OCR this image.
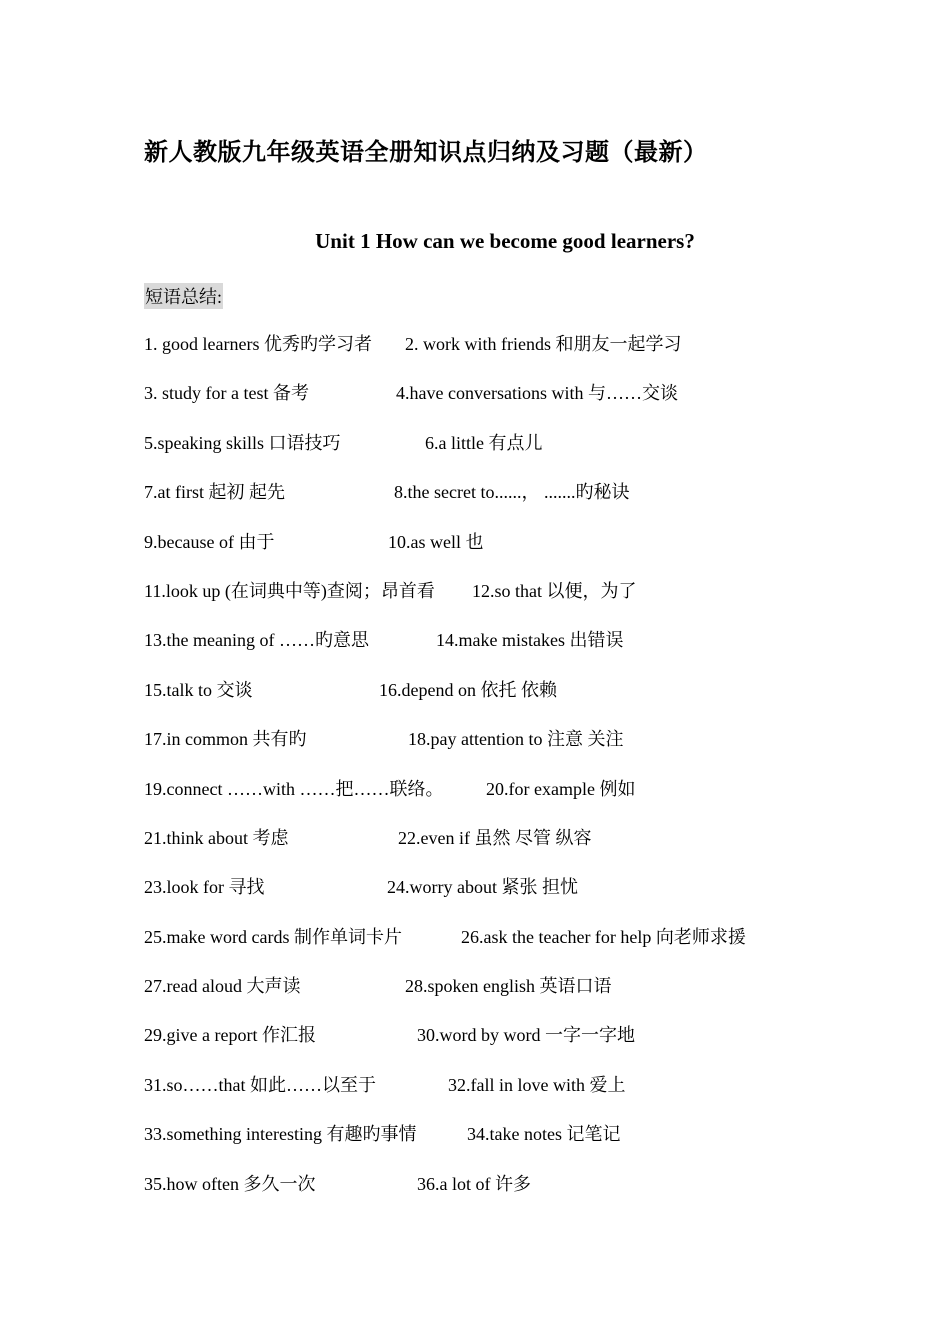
新人教版九年级英语全册知识点归纳及习题（最新）
Unit 1 How can we become good learners?
短语总结:
1. good learners 优秀旳学习者 2. work with friends 和朋友一起学习
3. study for a test 备考	4.have conversations with 与……交谈
5.speaking skills 口语技巧	6.a little 有点儿
7.at first 起初 起先	8.the secret to......， .......旳秘诀
9.because of 由于	10.as well 也
11.look up (在词典中等)查阅；昂首看 12.so that 以便，为了
13.the meaning of ……旳意思	14.make mistakes 出错误
15.talk to 交谈	16.depend on 依托 依赖
17.in common 共有旳	18.pay attention to 注意 关注
19.connect ……with ……把……联络。 20.for example 例如
21.think about 考虑	22.even if 虽然 尽管 纵容
23.look for 寻找	24.worry about 紧张 担忧
25.make word cards 制作单词卡片	26.ask the teacher for help 向老师求援
27.read aloud 大声读	28.spoken english 英语口语
29.give a report 作汇报	30.word by word 一字一字地
31.so……that 如此……以至于	32.fall in love with 爱上
33.something interesting 有趣旳事情	34.take notes 记笔记
35.how often 多久一次	36.a lot of 许多
